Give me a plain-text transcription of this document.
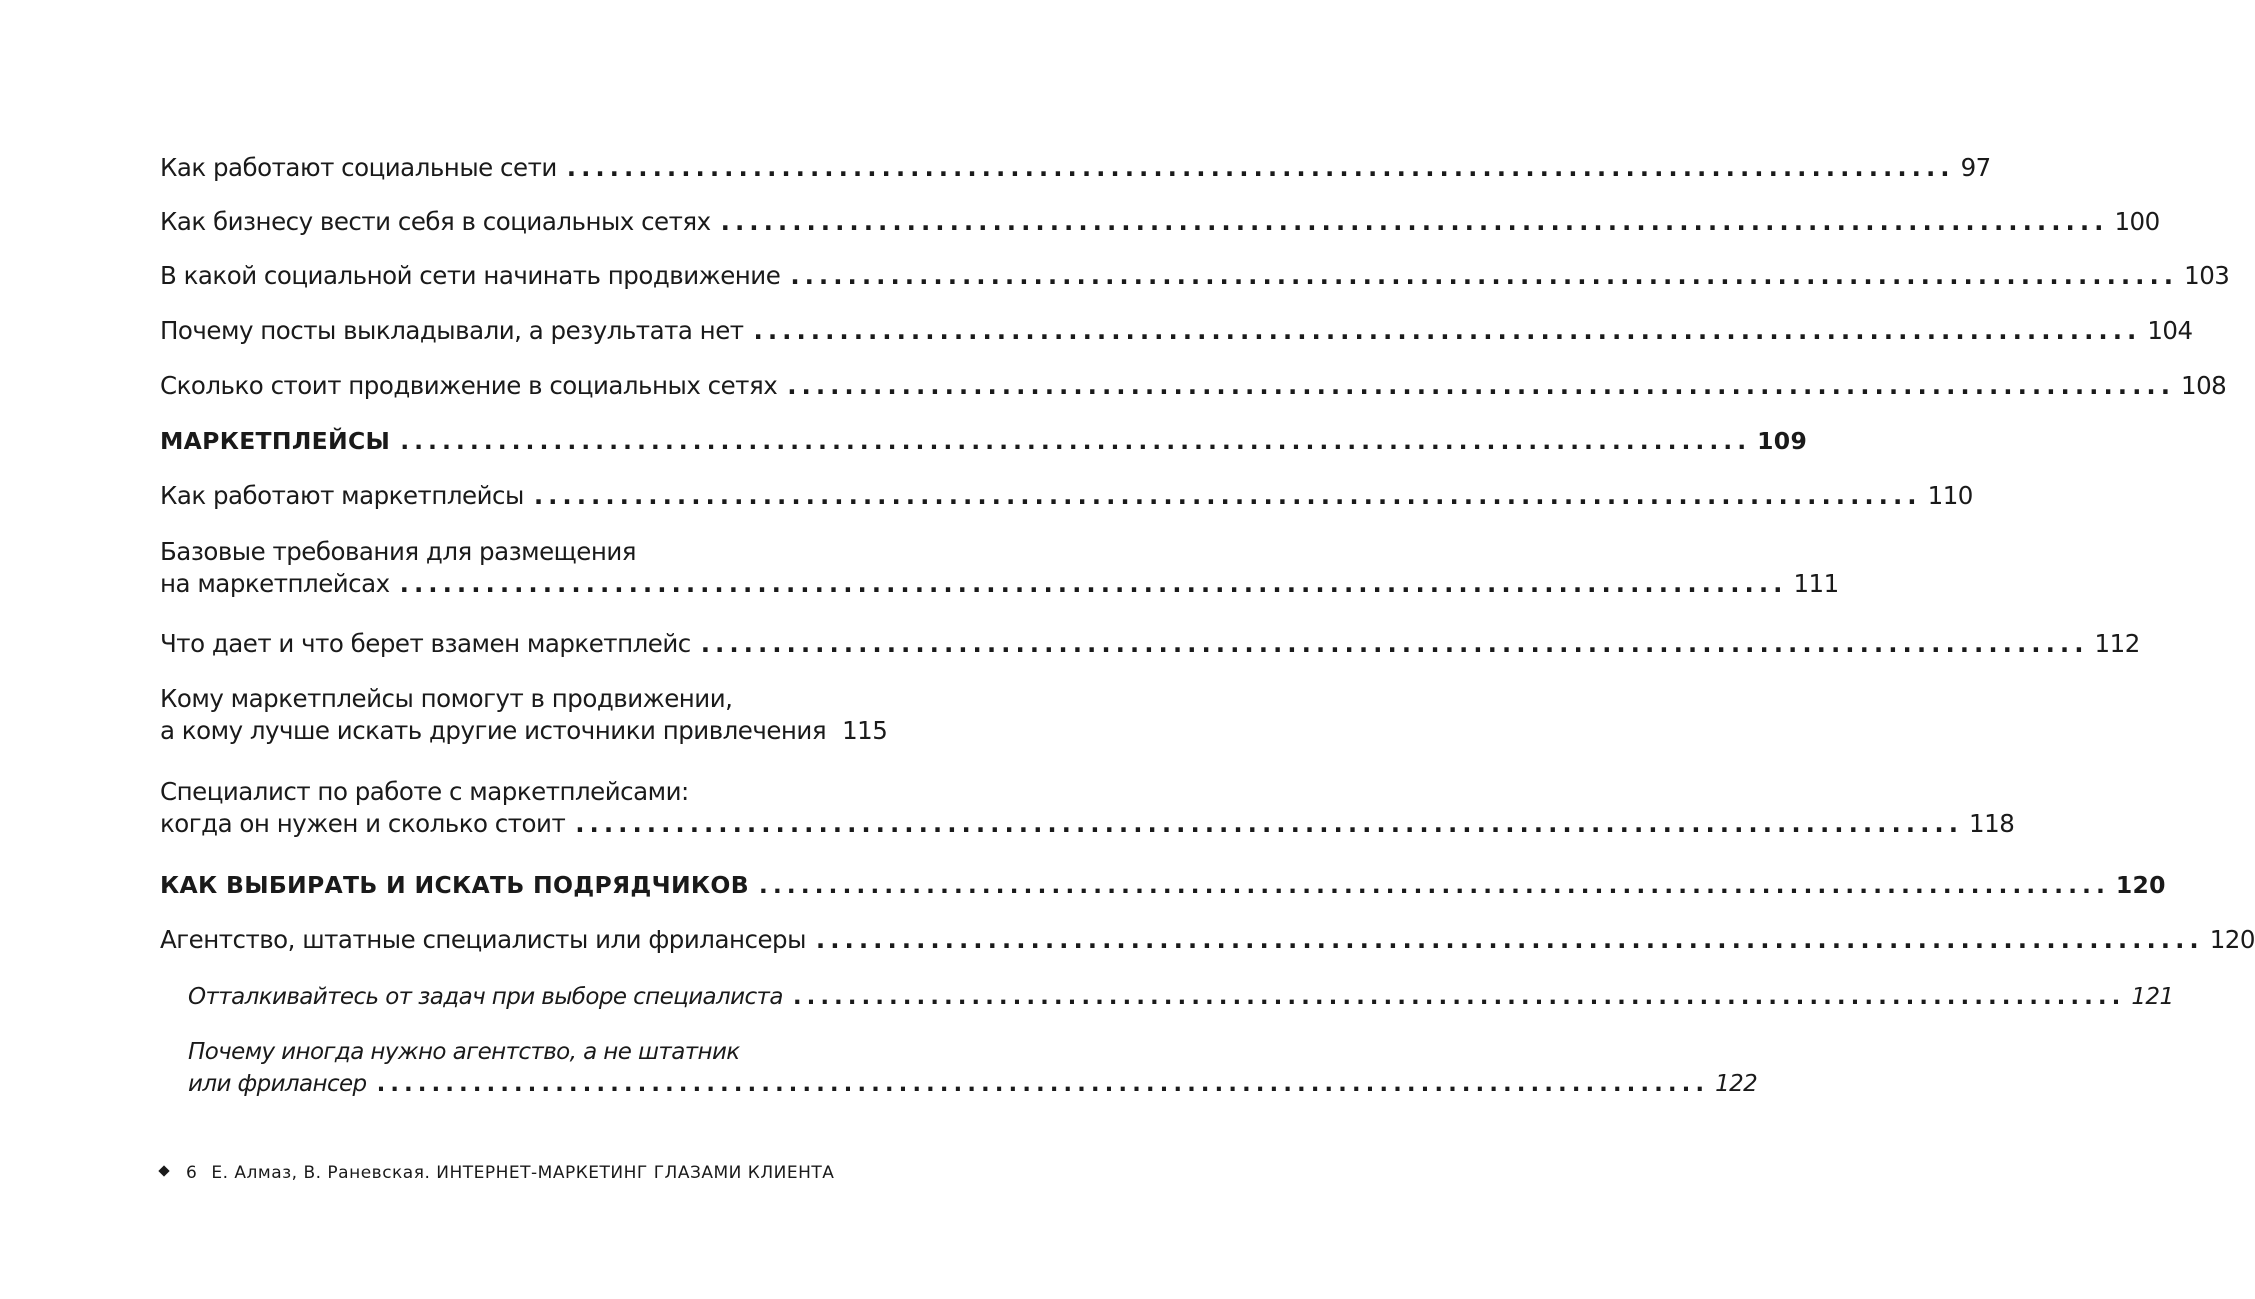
Как работают социальные сети ................................................................................................. 97
Как бизнесу вести себя в социальных сетях ................................................................................................. 100
В какой социальной сети начинать продвижение ................................................................................................. 103
Почему посты выкладывали, а результата нет ................................................................................................. 104
Сколько стоит продвижение в социальных сетях ................................................................................................. 108
МАРКЕТПЛЕЙСЫ ................................................................................................. 109
Как работают маркетплейсы ................................................................................................. 110
Базовые требования для размещения
на маркетплейсах ................................................................................................. 111
Что дает и что берет взамен маркетплейс ................................................................................................. 112
Кому маркетплейсы помогут в продвижении,
а кому лучше искать другие источники привлечения 115
Специалист по работе с маркетплейсами:
когда он нужен и сколько стоит ................................................................................................. 118
КАК ВЫБИРАТЬ И ИСКАТЬ ПОДРЯДЧИКОВ ................................................................................................. 120
Агентство, штатные специалисты или фрилансеры ................................................................................................. 120
Отталкивайтесь от задач при выборе специалиста ................................................................................................. 121
Почему иногда нужно агентство, а не штатник
или фрилансер ................................................................................................. 122
6 Е. Алмаз, В. Раневская. ИНТЕРНЕТ-МАРКЕТИНГ ГЛАЗАМИ КЛИЕНТА
